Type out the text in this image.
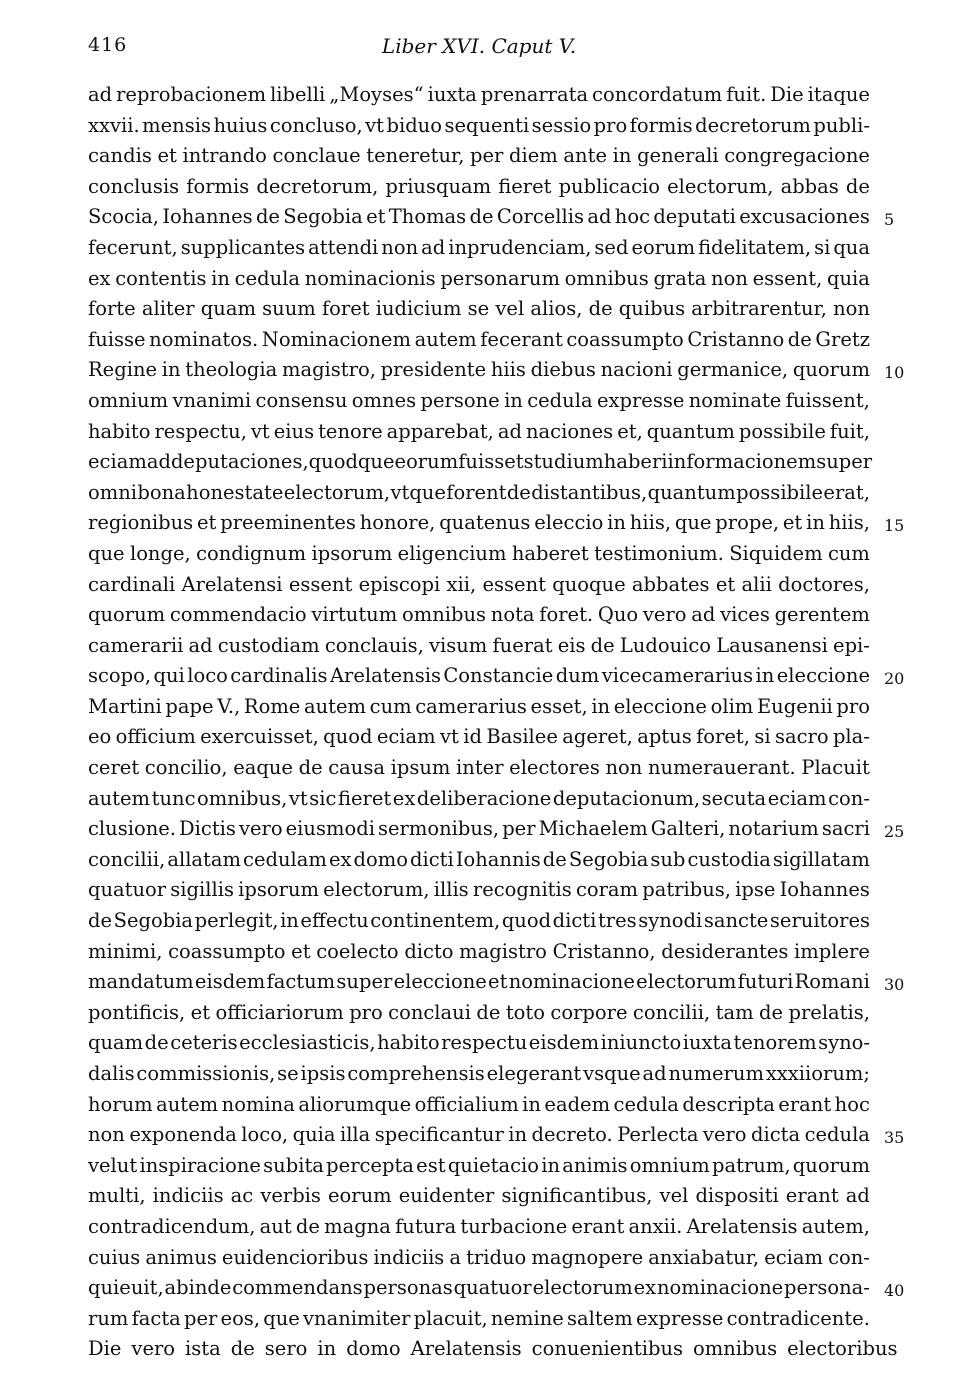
416	Liber XVI. Caput V.
ad reprobacionem libelli „Moyses“ iuxta prenarrata concordatum fuit. Die itaque
xxvii. mensis huius concluso, vt biduo sequenti sessio pro formis decretorum publi-
candis et intrando conclaue teneretur, per diem ante in generali congregacione
conclusis formis decretorum, priusquam fieret publicacio electorum, abbas de
Scocia, Iohannes de Segobia et Thomas de Corcellis ad hoc deputati excusaciones
fecerunt, supplicantes attendi non ad inprudenciam, sed eorum fidelitatem, si qua
ex contentis in cedula nominacionis personarum omnibus grata non essent, quia
forte aliter quam suum foret iudicium se vel alios, de quibus arbitrarentur, non
fuisse nominatos. Nominacionem autem fecerant coassumpto Cristanno de Gretz
Regine in theologia magistro, presidente hiis diebus nacioni germanice, quorum
omnium vnanimi consensu omnes persone in cedula expresse nominate fuissent,
habito respectu, vt eius tenore apparebat, ad naciones et, quantum possibile fuit,
eciam ad deputaciones, quodque eorum fuisset studium haberi informacionem super
omni bona honestate electorum, vtque forent de distantibus, quantum possibile erat,
regionibus et preeminentes honore, quatenus eleccio in hiis, que prope, et in hiis,
que longe, condignum ipsorum eligencium haberet testimonium. Siquidem cum
cardinali Arelatensi essent episcopi xii, essent quoque abbates et alii doctores,
quorum commendacio virtutum omnibus nota foret. Quo vero ad vices gerentem
camerarii ad custodiam conclauis, visum fuerat eis de Ludouico Lausanensi epi-
scopo, qui loco cardinalis Arelatensis Constancie dum vicecamerarius in eleccione
Martini pape V., Rome autem cum camerarius esset, in eleccione olim Eugenii pro
eo officium exercuisset, quod eciam vt id Basilee ageret, aptus foret, si sacro pla-
ceret concilio, eaque de causa ipsum inter electores non numerauerant. Placuit
autem tunc omnibus, vt sic fieret ex deliberacione deputacionum, secuta eciam con-
clusione. Dictis vero eiusmodi sermonibus, per Michaelem Galteri, notarium sacri
concilii, allatam cedulam ex domo dicti Iohannis de Segobia sub custodia sigillatam
quatuor sigillis ipsorum electorum, illis recognitis coram patribus, ipse Iohannes
de Segobia perlegit, in effectu continentem, quod dicti tres synodi sancte seruitores
minimi, coassumpto et coelecto dicto magistro Cristanno, desiderantes implere
mandatum eisdem factum super eleccione et nominacione electorum futuri Romani
pontificis, et officiariorum pro conclaui de toto corpore concilii, tam de prelatis,
quam de ceteris ecclesiasticis, habito respectu eisdem iniuncto iuxta tenorem syno-
dalis commissionis, se ipsis comprehensis elegerant vsque ad numerum xxxiiorum;
horum autem nomina aliorumque officialium in eadem cedula descripta erant hoc
non exponenda loco, quia illa specificantur in decreto. Perlecta vero dicta cedula
velut inspiracione subita percepta est quietacio in animis omnium patrum, quorum
multi, indiciis ac verbis eorum euidenter significantibus, vel dispositi erant ad
contradicendum, aut de magna futura turbacione erant anxii. Arelatensis autem,
cuius animus euidencioribus indiciis a triduo magnopere anxiabatur, eciam con-
quieuit, abinde commendans personas quatuor electorum ex nominacione persona-
rum facta per eos, que vnanimiter placuit, nemine saltem expresse contradicente.
Die vero ista de sero in domo Arelatensis conuenientibus omnibus electoribus
5
10
15
20
25
30
35
40
